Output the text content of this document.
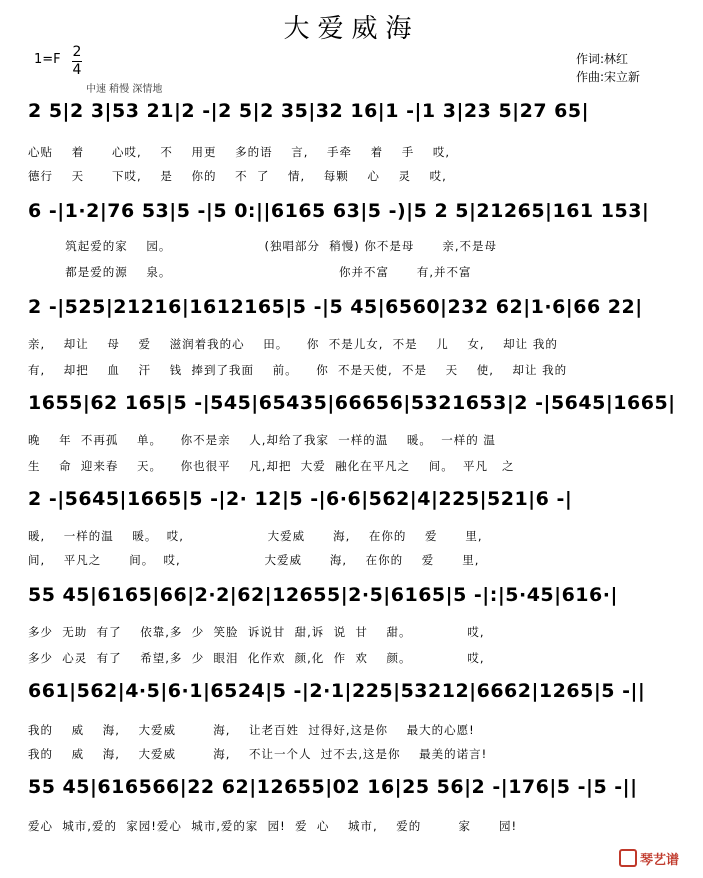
大爱威海
1=F 2
4
作词:林红
作曲:宋立新
中速 稍慢 深情地
2 5|2 3|53 21|2 -|2 5|2 35|32 16|1 -|1 3|23 5|27 65|
心贴    着      心哎,    不    用更    多的语    言,    手牵    着    手    哎,
德行    天      下哎,    是    你的    不  了    情,    每颗    心    灵    哎,
6 -|1·2|76 53|5 -|5 0:||6165 63|5 -)|5 2 5|21265|161 153|
筑起爱的家    园。                    (独唱部分  稍慢) 你不是母      亲,不是母
都是爱的源    泉。                                    你并不富      有,并不富
2 -|525|21216|1612165|5 -|5 45|6560|232 62|1·6|66 22|
亲,    却让    母    爱    滋润着我的心    田。    你  不是儿女,  不是    儿    女,    却让 我的
有,    却把    血    汗    钱  捧到了我面    前。    你  不是天使,  不是    天    使,    却让 我的
1655|62 165|5 -|545|65435|66656|5321653|2 -|5645|1665|
晚    年  不再孤    单。    你不是亲    人,却给了我家  一样的温    暖。  一样的 温
生    命  迎来春    天。    你也很平    凡,却把  大爱  融化在平凡之    间。  平凡   之
2 -|5645|1665|5 -|2· 12|5 -|6·6|562|4|225|521|6 -|
暖,    一样的温    暖。  哎,                  大爱威      海,    在你的    爱      里,
间,    平凡之      间。  哎,                  大爱威      海,    在你的    爱      里,
55 45|6165|66|2·2|62|12655|2·5|6165|5 -|:|5·45|616·|
多少  无助  有了    依靠,多  少  笑脸  诉说甘  甜,诉  说  甘    甜。            哎,
多少  心灵  有了    希望,多  少  眼泪  化作欢  颜,化  作  欢    颜。            哎,
661|562|4·5|6·1|6524|5 -|2·1|225|53212|6662|1265|5 -||
我的    威    海,    大爱威        海,    让老百姓  过得好,这是你    最大的心愿!
我的    威    海,    大爱威        海,    不让一个人  过不去,这是你    最美的诺言!
55 45|616566|22 62|12655|02 16|25 56|2 -|176|5 -|5 -||
爱心  城市,爱的  家园!爱心  城市,爱的家  园!  爱  心    城市,    爱的        家      园!
琴艺谱
